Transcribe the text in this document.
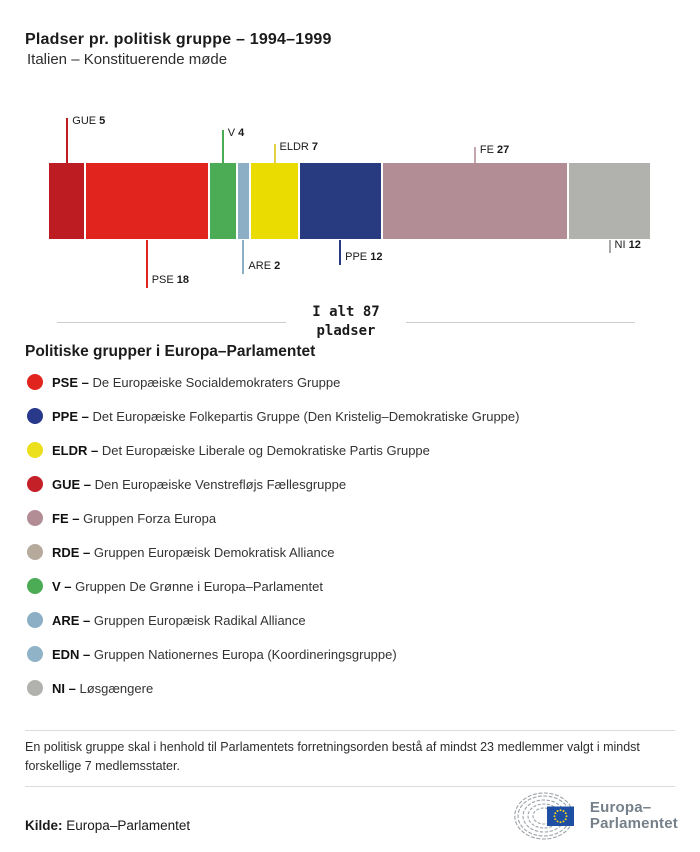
Pladser pr. politisk gruppe – 1994–1999
Italien – Konstituerende møde
GUE 5
PSE 18
V 4
ARE 2
ELDR 7
PPE 12
FE 27
NI 12
I alt 87
pladser
Politiske grupper i Europa–Parlamentet
PSE – De Europæiske Socialdemokraters Gruppe
PPE – Det Europæiske Folkepartis Gruppe (Den Kristelig–Demokratiske Gruppe)
ELDR – Det Europæiske Liberale og Demokratiske Partis Gruppe
GUE – Den Europæiske Venstrefløjs Fællesgruppe
FE – Gruppen Forza Europa
RDE – Gruppen Europæisk Demokratisk Alliance
V – Gruppen De Grønne i Europa–Parlamentet
ARE – Gruppen Europæisk Radikal Alliance
EDN – Gruppen Nationernes Europa (Koordineringsgruppe)
NI – Løsgængere

En politisk gruppe skal i henhold til Parlamentets forretningsorden bestå af mindst 23 medlemmer valgt i mindst forskellige 7 medlemsstater.

Kilde: Europa–Parlamentet

Europa–
Parlamentet
